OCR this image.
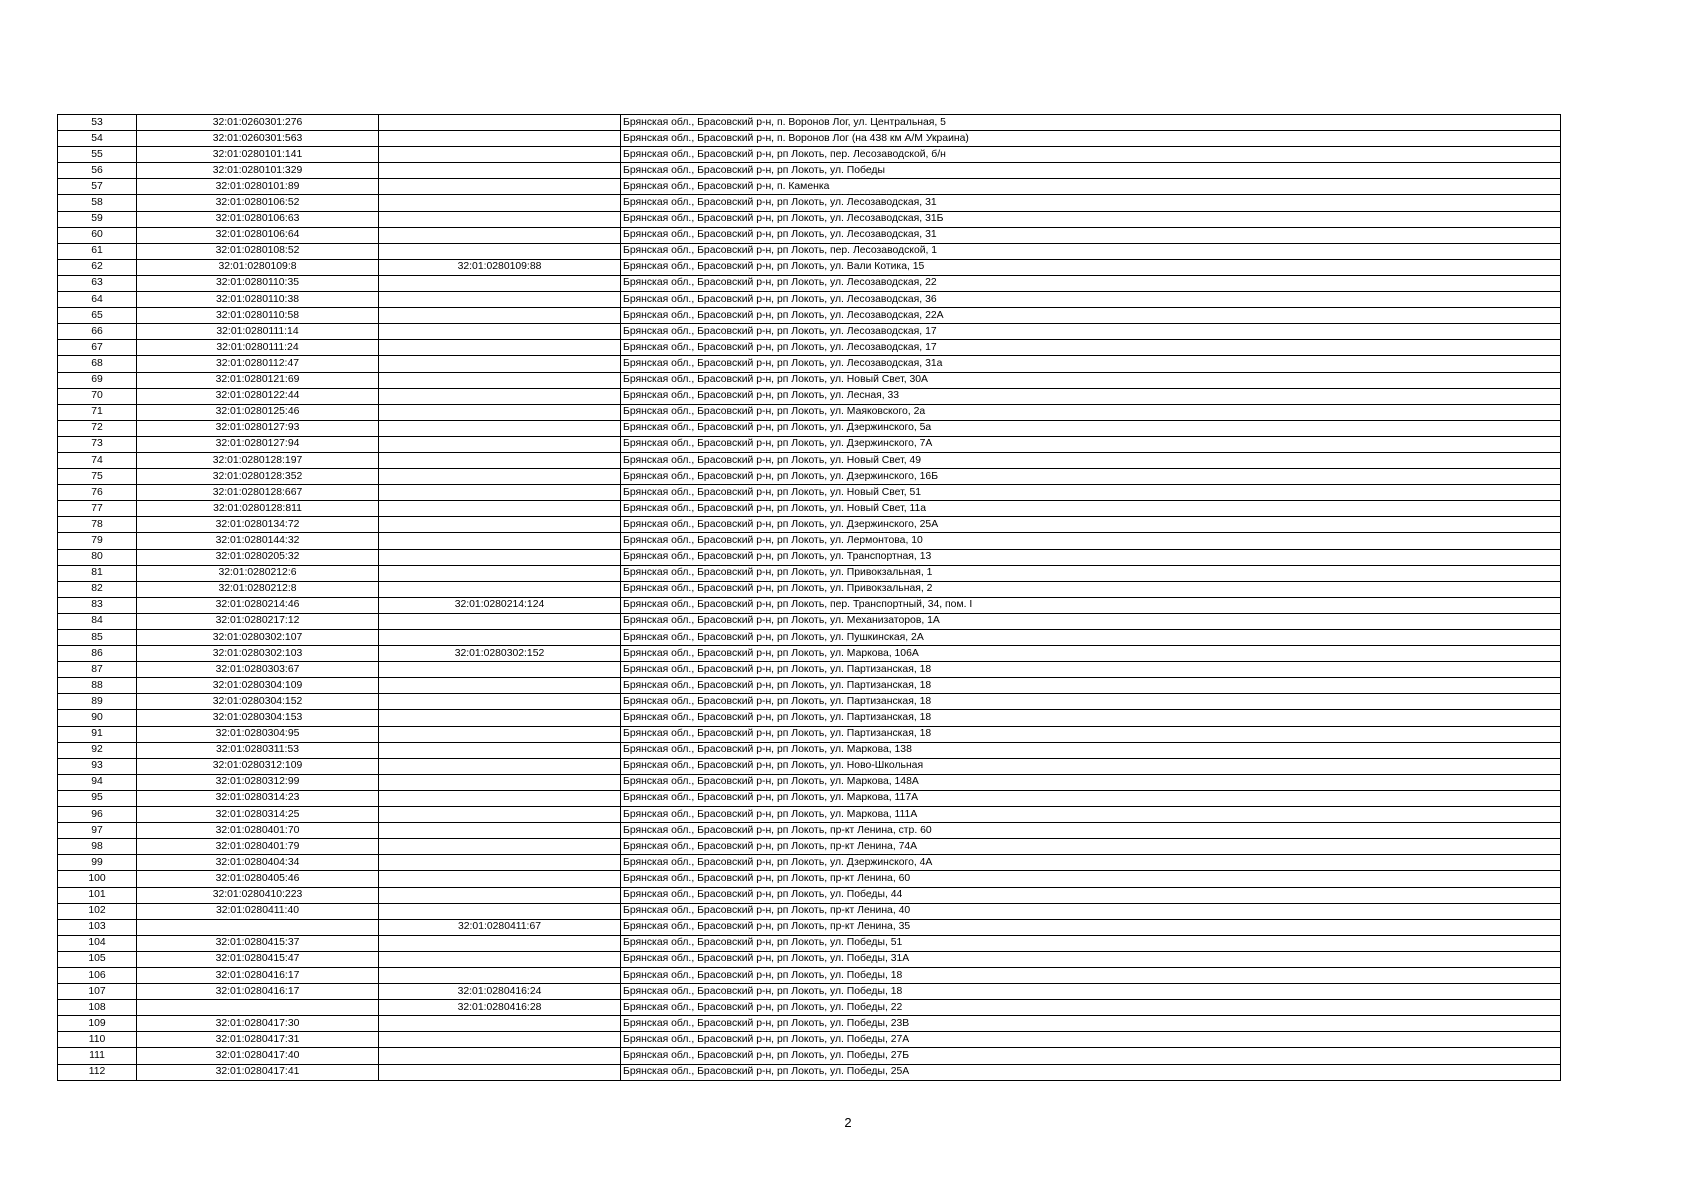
53	32:01:0260301:276		Брянская обл., Брасовский р-н, п. Воронов Лог, ул. Центральная, 5
54	32:01:0260301:563		Брянская обл., Брасовский р-н, п. Воронов Лог (на 438 км А/М Украина)
55	32:01:0280101:141		Брянская обл., Брасовский р-н, рп Локоть, пер. Лесозаводской, б/н
56	32:01:0280101:329		Брянская обл., Брасовский р-н, рп Локоть, ул. Победы
57	32:01:0280101:89		Брянская обл., Брасовский р-н, п. Каменка
58	32:01:0280106:52		Брянская обл., Брасовский р-н, рп Локоть, ул. Лесозаводская, 31
59	32:01:0280106:63		Брянская обл., Брасовский р-н, рп Локоть, ул. Лесозаводская, 31Б
60	32:01:0280106:64		Брянская обл., Брасовский р-н, рп Локоть, ул. Лесозаводская, 31
61	32:01:0280108:52		Брянская обл., Брасовский р-н, рп Локоть, пер. Лесозаводской, 1
62	32:01:0280109:8	32:01:0280109:88	Брянская обл., Брасовский р-н, рп Локоть, ул. Вали Котика, 15
63	32:01:0280110:35		Брянская обл., Брасовский р-н, рп Локоть, ул. Лесозаводская, 22
64	32:01:0280110:38		Брянская обл., Брасовский р-н, рп Локоть, ул. Лесозаводская, 36
65	32:01:0280110:58		Брянская обл., Брасовский р-н, рп Локоть, ул. Лесозаводская, 22А
66	32:01:0280111:14		Брянская обл., Брасовский р-н, рп Локоть, ул. Лесозаводская, 17
67	32:01:0280111:24		Брянская обл., Брасовский р-н, рп Локоть, ул. Лесозаводская, 17
68	32:01:0280112:47		Брянская обл., Брасовский р-н, рп Локоть, ул. Лесозаводская, 31а
69	32:01:0280121:69		Брянская обл., Брасовский р-н, рп Локоть, ул. Новый Свет, 30А
70	32:01:0280122:44		Брянская обл., Брасовский р-н, рп Локоть, ул. Лесная, 33
71	32:01:0280125:46		Брянская обл., Брасовский р-н, рп Локоть, ул. Маяковского, 2а
72	32:01:0280127:93		Брянская обл., Брасовский р-н, рп Локоть, ул. Дзержинского, 5а
73	32:01:0280127:94		Брянская обл., Брасовский р-н, рп Локоть, ул. Дзержинского, 7А
74	32:01:0280128:197		Брянская обл., Брасовский р-н, рп Локоть, ул. Новый Свет, 49
75	32:01:0280128:352		Брянская обл., Брасовский р-н, рп Локоть, ул. Дзержинского, 16Б
76	32:01:0280128:667		Брянская обл., Брасовский р-н, рп Локоть, ул. Новый Свет, 51
77	32:01:0280128:811		Брянская обл., Брасовский р-н, рп Локоть, ул. Новый Свет, 11а
78	32:01:0280134:72		Брянская обл., Брасовский р-н, рп Локоть, ул. Дзержинского, 25А
79	32:01:0280144:32		Брянская обл., Брасовский р-н, рп Локоть, ул. Лермонтова, 10
80	32:01:0280205:32		Брянская обл., Брасовский р-н, рп Локоть, ул. Транспортная, 13
81	32:01:0280212:6		Брянская обл., Брасовский р-н, рп Локоть, ул. Привокзальная, 1
82	32:01:0280212:8		Брянская обл., Брасовский р-н, рп Локоть, ул. Привокзальная, 2
83	32:01:0280214:46	32:01:0280214:124	Брянская обл., Брасовский р-н, рп Локоть, пер. Транспортный, 34, пом. I
84	32:01:0280217:12		Брянская обл., Брасовский р-н, рп Локоть, ул. Механизаторов, 1А
85	32:01:0280302:107		Брянская обл., Брасовский р-н, рп Локоть, ул. Пушкинская, 2А
86	32:01:0280302:103	32:01:0280302:152	Брянская обл., Брасовский р-н, рп Локоть, ул. Маркова, 106А
87	32:01:0280303:67		Брянская обл., Брасовский р-н, рп Локоть, ул. Партизанская, 18
88	32:01:0280304:109		Брянская обл., Брасовский р-н, рп Локоть, ул. Партизанская, 18
89	32:01:0280304:152		Брянская обл., Брасовский р-н, рп Локоть, ул. Партизанская, 18
90	32:01:0280304:153		Брянская обл., Брасовский р-н, рп Локоть, ул. Партизанская, 18
91	32:01:0280304:95		Брянская обл., Брасовский р-н, рп Локоть, ул. Партизанская, 18
92	32:01:0280311:53		Брянская обл., Брасовский р-н, рп Локоть, ул. Маркова, 138
93	32:01:0280312:109		Брянская обл., Брасовский р-н, рп Локоть, ул. Ново-Школьная
94	32:01:0280312:99		Брянская обл., Брасовский р-н, рп Локоть, ул. Маркова, 148А
95	32:01:0280314:23		Брянская обл., Брасовский р-н, рп Локоть, ул. Маркова, 117А
96	32:01:0280314:25		Брянская обл., Брасовский р-н, рп Локоть, ул. Маркова, 111А
97	32:01:0280401:70		Брянская обл., Брасовский р-н, рп Локоть, пр-кт Ленина, стр. 60
98	32:01:0280401:79		Брянская обл., Брасовский р-н, рп Локоть, пр-кт Ленина, 74А
99	32:01:0280404:34		Брянская обл., Брасовский р-н, рп Локоть, ул. Дзержинского, 4А
100	32:01:0280405:46		Брянская обл., Брасовский р-н, рп Локоть, пр-кт Ленина, 60
101	32:01:0280410:223		Брянская обл., Брасовский р-н, рп Локоть, ул. Победы, 44
102	32:01:0280411:40		Брянская обл., Брасовский р-н, рп Локоть, пр-кт Ленина, 40
103		32:01:0280411:67	Брянская обл., Брасовский р-н, рп Локоть, пр-кт Ленина, 35
104	32:01:0280415:37		Брянская обл., Брасовский р-н, рп Локоть, ул. Победы, 51
105	32:01:0280415:47		Брянская обл., Брасовский р-н, рп Локоть, ул. Победы, 31А
106	32:01:0280416:17		Брянская обл., Брасовский р-н, рп Локоть, ул. Победы, 18
107	32:01:0280416:17	32:01:0280416:24	Брянская обл., Брасовский р-н, рп Локоть, ул. Победы, 18
108		32:01:0280416:28	Брянская обл., Брасовский р-н, рп Локоть, ул. Победы, 22
109	32:01:0280417:30		Брянская обл., Брасовский р-н, рп Локоть, ул. Победы, 23В
110	32:01:0280417:31		Брянская обл., Брасовский р-н, рп Локоть, ул. Победы, 27А
111	32:01:0280417:40		Брянская обл., Брасовский р-н, рп Локоть, ул. Победы, 27Б
112	32:01:0280417:41		Брянская обл., Брасовский р-н, рп Локоть, ул. Победы, 25А
2
